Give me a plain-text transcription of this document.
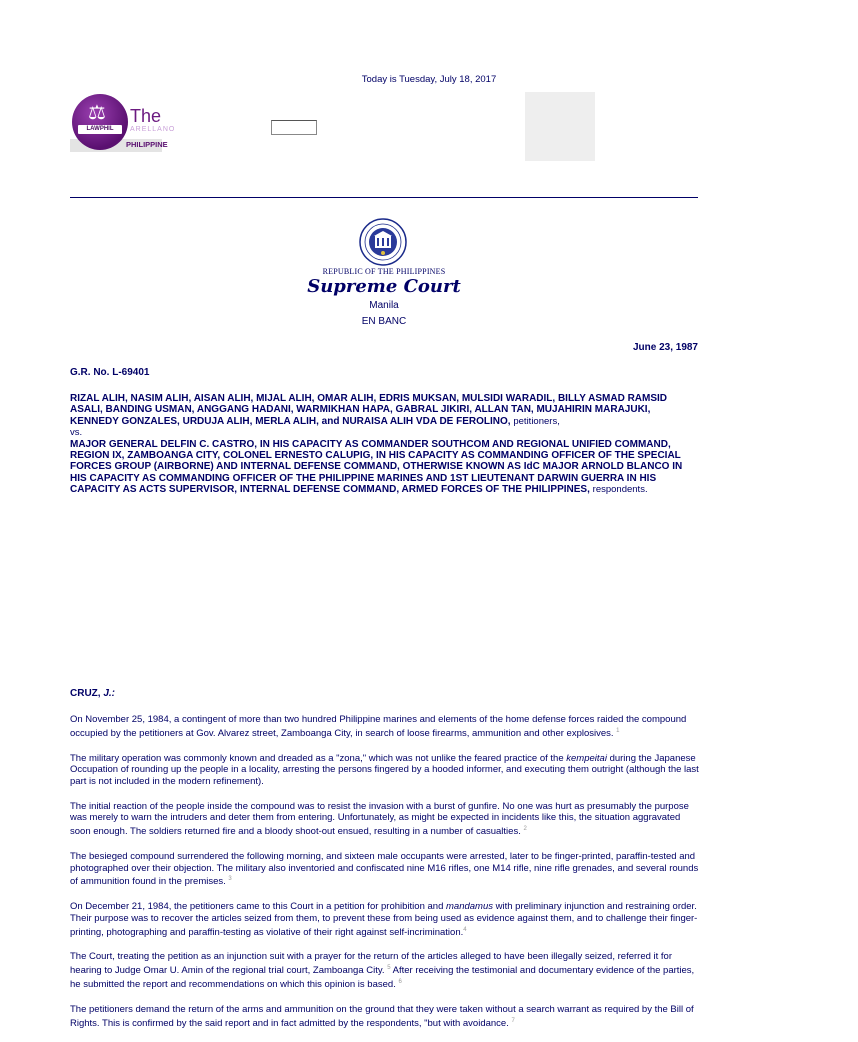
Today is Tuesday, July 18, 2017
⚖
LAWPHIL
The
ARELLANO
PHILIPPINE
REPUBLIC OF THE PHILIPPINES
Supreme Court
Manila
EN BANC
June 23, 1987
G.R. No. L-69401
RIZAL ALIH, NASIM ALIH, AISAN ALIH, MIJAL ALIH, OMAR ALIH, EDRIS MUKSAN, MULSIDI WARADIL, BILLY ASMAD RAMSID ASALI, BANDING USMAN, ANGGANG HADANI, WARMIKHAN HAPA, GABRAL JIKIRI, ALLAN TAN, MUJAHIRIN MARAJUKI, KENNEDY GONZALES, URDUJA ALIH, MERLA ALIH, and NURAISA ALIH VDA DE FEROLINO, petitioners,
vs.
MAJOR GENERAL DELFIN C. CASTRO, IN HIS CAPACITY AS COMMANDER SOUTHCOM AND REGIONAL UNIFIED COMMAND, REGION IX, ZAMBOANGA CITY, COLONEL ERNESTO CALUPIG, IN HIS CAPACITY AS COMMANDING OFFICER OF THE SPECIAL FORCES GROUP (AIRBORNE) AND INTERNAL DEFENSE COMMAND, OTHERWISE KNOWN AS IdC MAJOR ARNOLD BLANCO IN HIS CAPACITY AS COMMANDING OFFICER OF THE PHILIPPINE MARINES AND 1ST LIEUTENANT DARWIN GUERRA IN HIS CAPACITY AS ACTS SUPERVISOR, INTERNAL DEFENSE COMMAND, ARMED FORCES OF THE PHILIPPINES, respondents.
CRUZ, J.:

On November 25, 1984, a contingent of more than two hundred Philippine marines and elements of the home defense forces raided the compound occupied by the petitioners at Gov. Alvarez street, Zamboanga City, in search of loose firearms, ammunition and other explosives. $^1$

The military operation was commonly known and dreaded as a "zona," which was not unlike the feared practice of the kempeitai during the Japanese Occupation of rounding up the people in a locality, arresting the persons fingered by a hooded informer, and executing them outright (although the last part is not included in the modern refinement).

The initial reaction of the people inside the compound was to resist the invasion with a burst of gunfire. No one was hurt as presumably the purpose was merely to warn the intruders and deter them from entering. Unfortunately, as might be expected in incidents like this, the situation aggravated soon enough. The soldiers returned fire and a bloody shoot-out ensued, resulting in a number of casualties. $^2$

The besieged compound surrendered the following morning, and sixteen male occupants were arrested, later to be finger-printed, paraffin-tested and photographed over their objection. The military also inventoried and confiscated nine M16 rifles, one M14 rifle, nine rifle grenades, and several rounds of ammunition found in the premises. $^3$

On December 21, 1984, the petitioners came to this Court in a petition for prohibition and mandamus with preliminary injunction and restraining order. Their purpose was to recover the articles seized from them, to prevent these from being used as evidence against them, and to challenge their finger-printing, photographing and paraffin-testing as violative of their right against self-incrimination.$^4$

The Court, treating the petition as an injunction suit with a prayer for the return of the articles alleged to have been illegally seized, referred it for hearing to Judge Omar U. Amin of the regional trial court, Zamboanga City. $^5$ After receiving the testimonial and documentary evidence of the parties, he submitted the report and recommendations on which this opinion is based. $^6$

The petitioners demand the return of the arms and ammunition on the ground that they were taken without a search warrant as required by the Bill of Rights. This is confirmed by the said report and in fact admitted by the respondents, "but with avoidance. $^7$
